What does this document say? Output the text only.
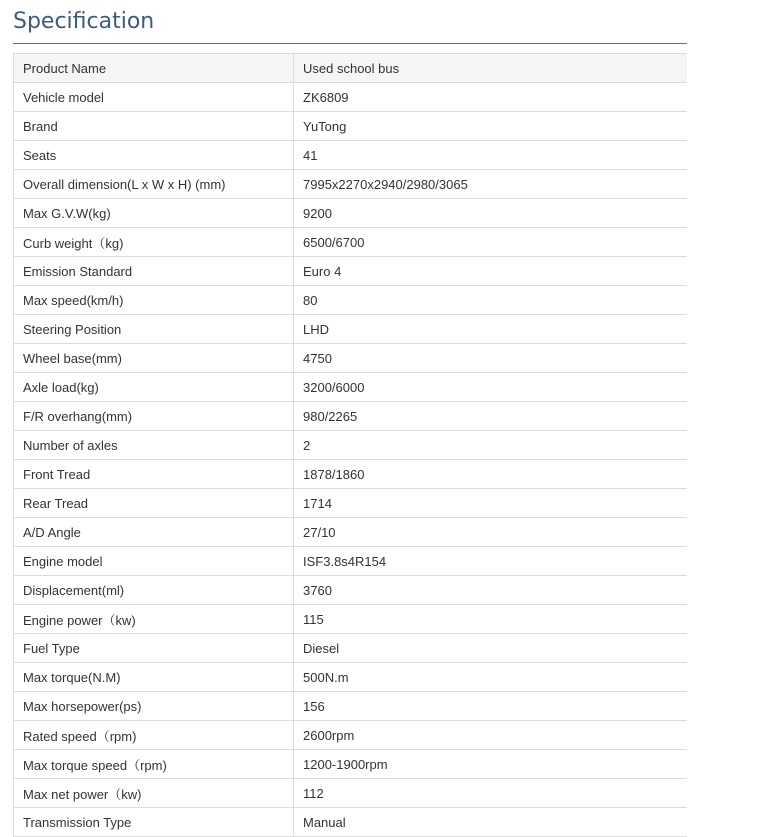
Specification
Product Name	Used school bus
Vehicle model	ZK6809
Brand	YuTong
Seats	41
Overall dimension(L x W x H) (mm)	7995x2270x2940/2980/3065
Max G.V.W(kg)	9200
Curb weight（kg)	6500/6700
Emission Standard	Euro 4
Max speed(km/h)	80
Steering Position	LHD
Wheel base(mm)	4750
Axle load(kg)	3200/6000
F/R overhang(mm)	980/2265
Number of axles	2
Front Tread	1878/1860
Rear Tread	1714
A/D Angle	27/10
Engine model	ISF3.8s4R154
Displacement(ml)	3760
Engine power（kw)	115
Fuel Type	Diesel
Max torque(N.M)	500N.m
Max horsepower(ps)	156
Rated speed（rpm)	2600rpm
Max torque speed（rpm)	1200-1900rpm
Max net power（kw)	112
Transmission Type	Manual
